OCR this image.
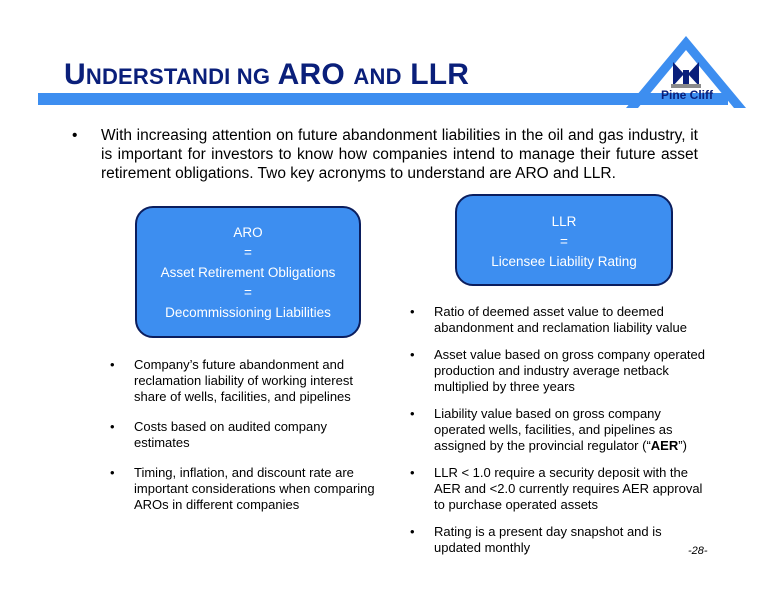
UNDERSTANDI NG ARO AND LLR
Pine Cliff
• With increasing attention on future abandonment liabilities in the oil and gas industry, it is important for investors to know how companies intend to manage their future asset retirement obligations. Two key acronyms to understand are ARO and LLR.
ARO
=
Asset Retirement Obligations
=
Decommissioning Liabilities
LLR
=
Licensee Liability Rating
• Company’s future abandonment and reclamation liability of working interest share of wells, facilities, and pipelines
• Costs based on audited company estimates
• Timing, inflation, and discount rate are important considerations when comparing AROs in different companies
• Ratio of deemed asset value to deemed abandonment and reclamation liability value
• Asset value based on gross company operated production and industry average netback multiplied by three years
• Liability value based on gross company operated wells, facilities, and pipelines as assigned by the provincial regulator (“AER”)
• LLR < 1.0 require a security deposit with the AER and <2.0 currently requires AER approval to purchase operated assets
• Rating is a present day snapshot and is updated monthly	-28-
